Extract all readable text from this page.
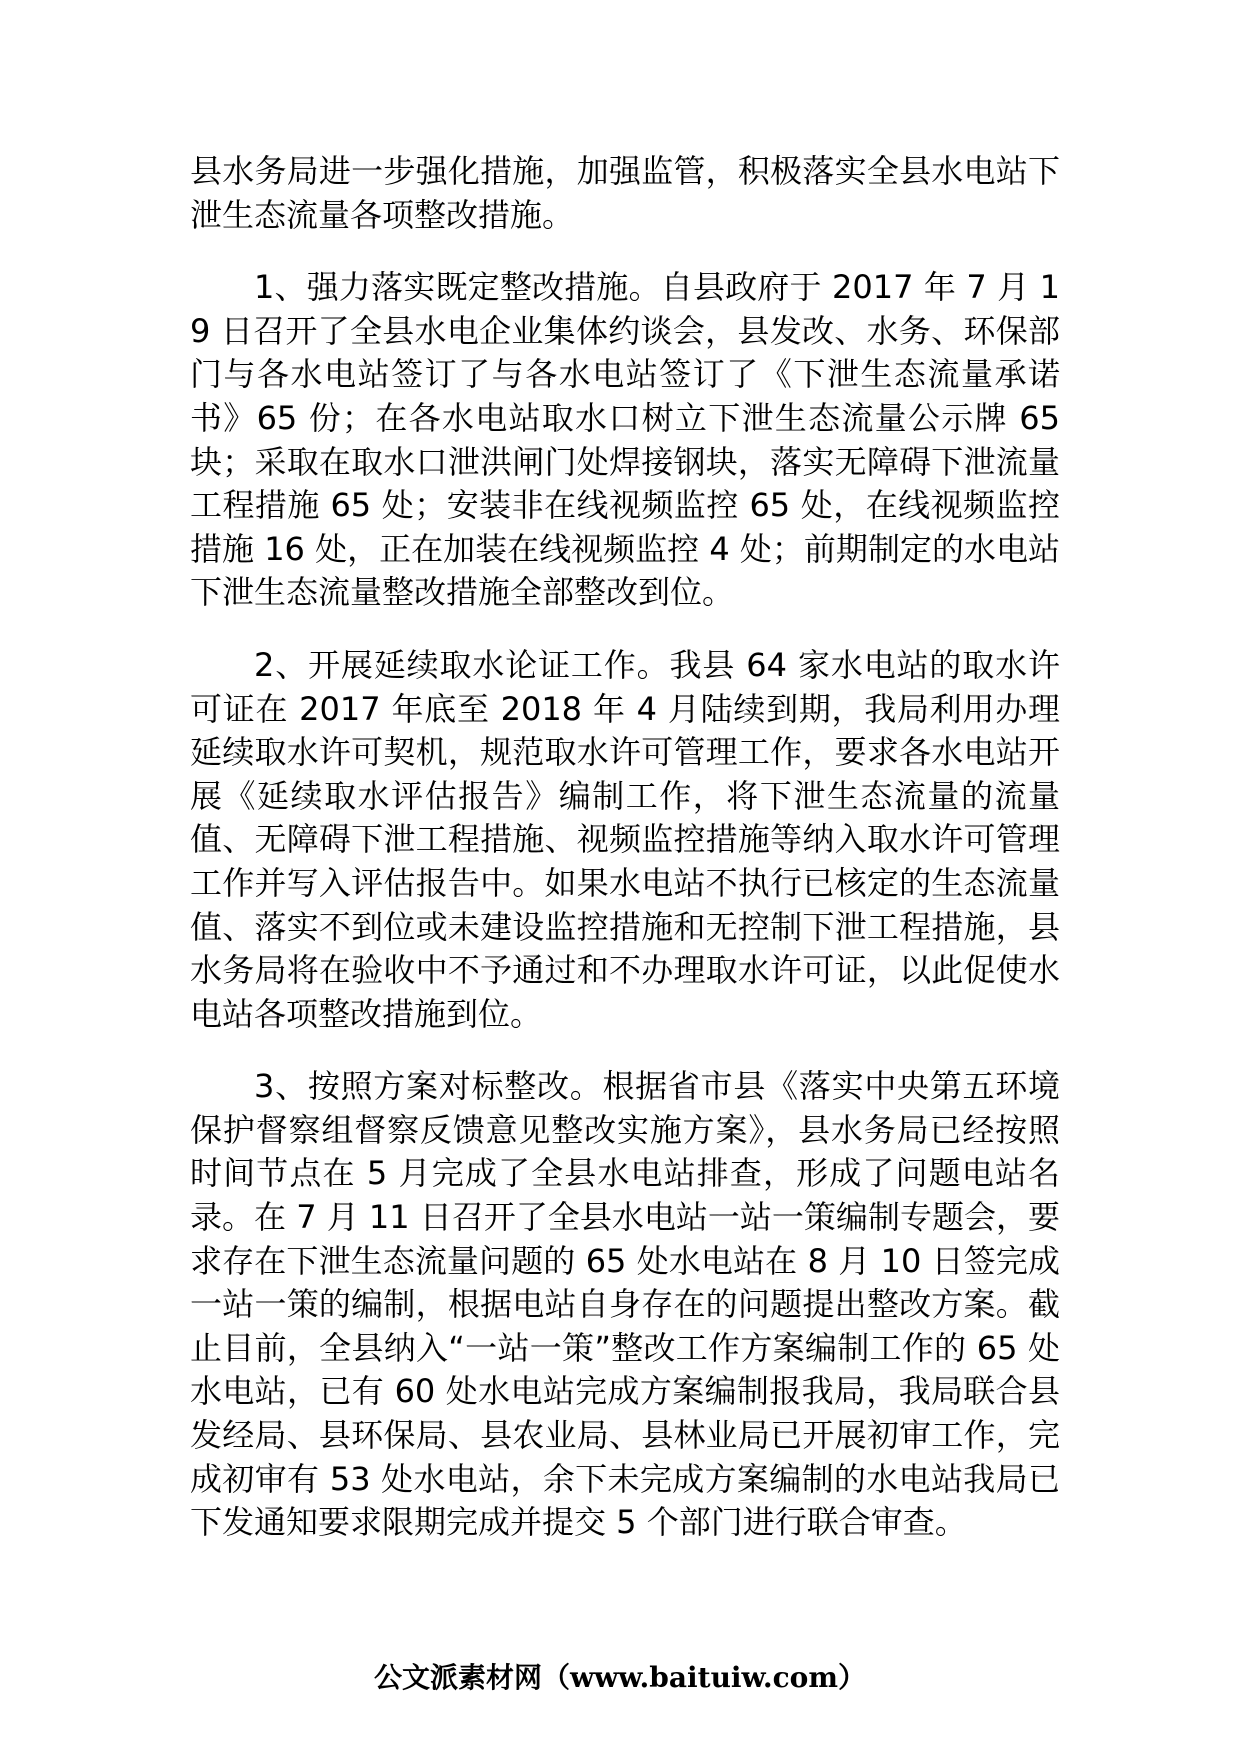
县水务局进一步强化措施，加强监管，积极落实全县水电站下泄生态流量各项整改措施。

1、强力落实既定整改措施。自县政府于 2017 年 7 月 19 日召开了全县水电企业集体约谈会，县发改、水务、环保部门与各水电站签订了与各水电站签订了《下泄生态流量承诺书》65 份；在各水电站取水口树立下泄生态流量公示牌 65 块；采取在取水口泄洪闸门处焊接钢块，落实无障碍下泄流量工程措施 65 处；安装非在线视频监控 65 处，在线视频监控措施 16 处，正在加装在线视频监控 4 处；前期制定的水电站下泄生态流量整改措施全部整改到位。

2、开展延续取水论证工作。我县 64 家水电站的取水许可证在 2017 年底至 2018 年 4 月陆续到期，我局利用办理延续取水许可契机，规范取水许可管理工作，要求各水电站开展《延续取水评估报告》编制工作，将下泄生态流量的流量值、无障碍下泄工程措施、视频监控措施等纳入取水许可管理工作并写入评估报告中。如果水电站不执行已核定的生态流量值、落实不到位或未建设监控措施和无控制下泄工程措施，县水务局将在验收中不予通过和不办理取水许可证，以此促使水电站各项整改措施到位。

3、按照方案对标整改。根据省市县《落实中央第五环境保护督察组督察反馈意见整改实施方案》，县水务局已经按照时间节点在 5 月完成了全县水电站排查，形成了问题电站名录。在 7 月 11 日召开了全县水电站一站一策编制专题会，要求存在下泄生态流量问题的 65 处水电站在 8 月 10 日签完成一站一策的编制，根据电站自身存在的问题提出整改方案。截止目前，全县纳入“一站一策”整改工作方案编制工作的 65 处水电站，已有 60 处水电站完成方案编制报我局，我局联合县发经局、县环保局、县农业局、县林业局已开展初审工作，完成初审有 53 处水电站，余下未完成方案编制的水电站我局已下发通知要求限期完成并提交 5 个部门进行联合审查。

公文派素材网（www.baituiw.com）
